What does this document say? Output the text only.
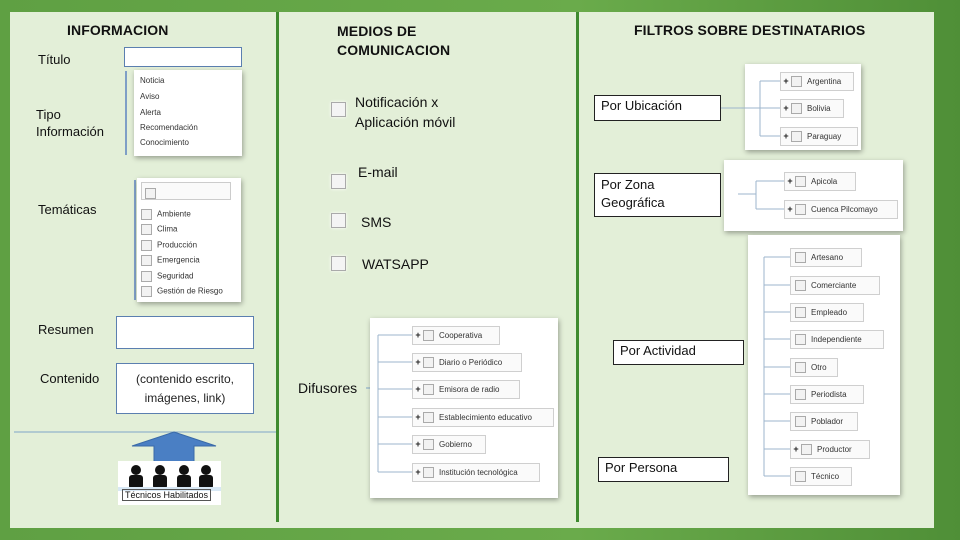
INFORMACION
Título
Tipo Información
Noticia
Aviso
Alerta
Recomendación
Conocimiento
Temáticas	Ambiente
Clima
Producción
Emergencia
Seguridad
Gestión de Riesgo
Resumen
Contenido	(contenido escrito, imágenes, link)
Técnicos Habilitados
MEDIOS DE COMUNICACION
Notificación x Aplicación móvil
E-mail
SMS
WATSAPP
Difusores
+ Cooperativa
+ Diario o Periódico
+ Emisora de radio
+ Establecimiento educativo
+ Gobierno
+ Institución tecnológica
FILTROS SOBRE DESTINATARIOS
Por Ubicación
+ Argentina
+ Bolivia
+ Paraguay
Por Zona Geográfica
+ Apicola
+ Cuenca Pilcomayo
Por Actividad
Artesano
Comerciante
Empleado
Independiente
Otro
Periodista
Poblador
+ Productor
Técnico
Por Persona
